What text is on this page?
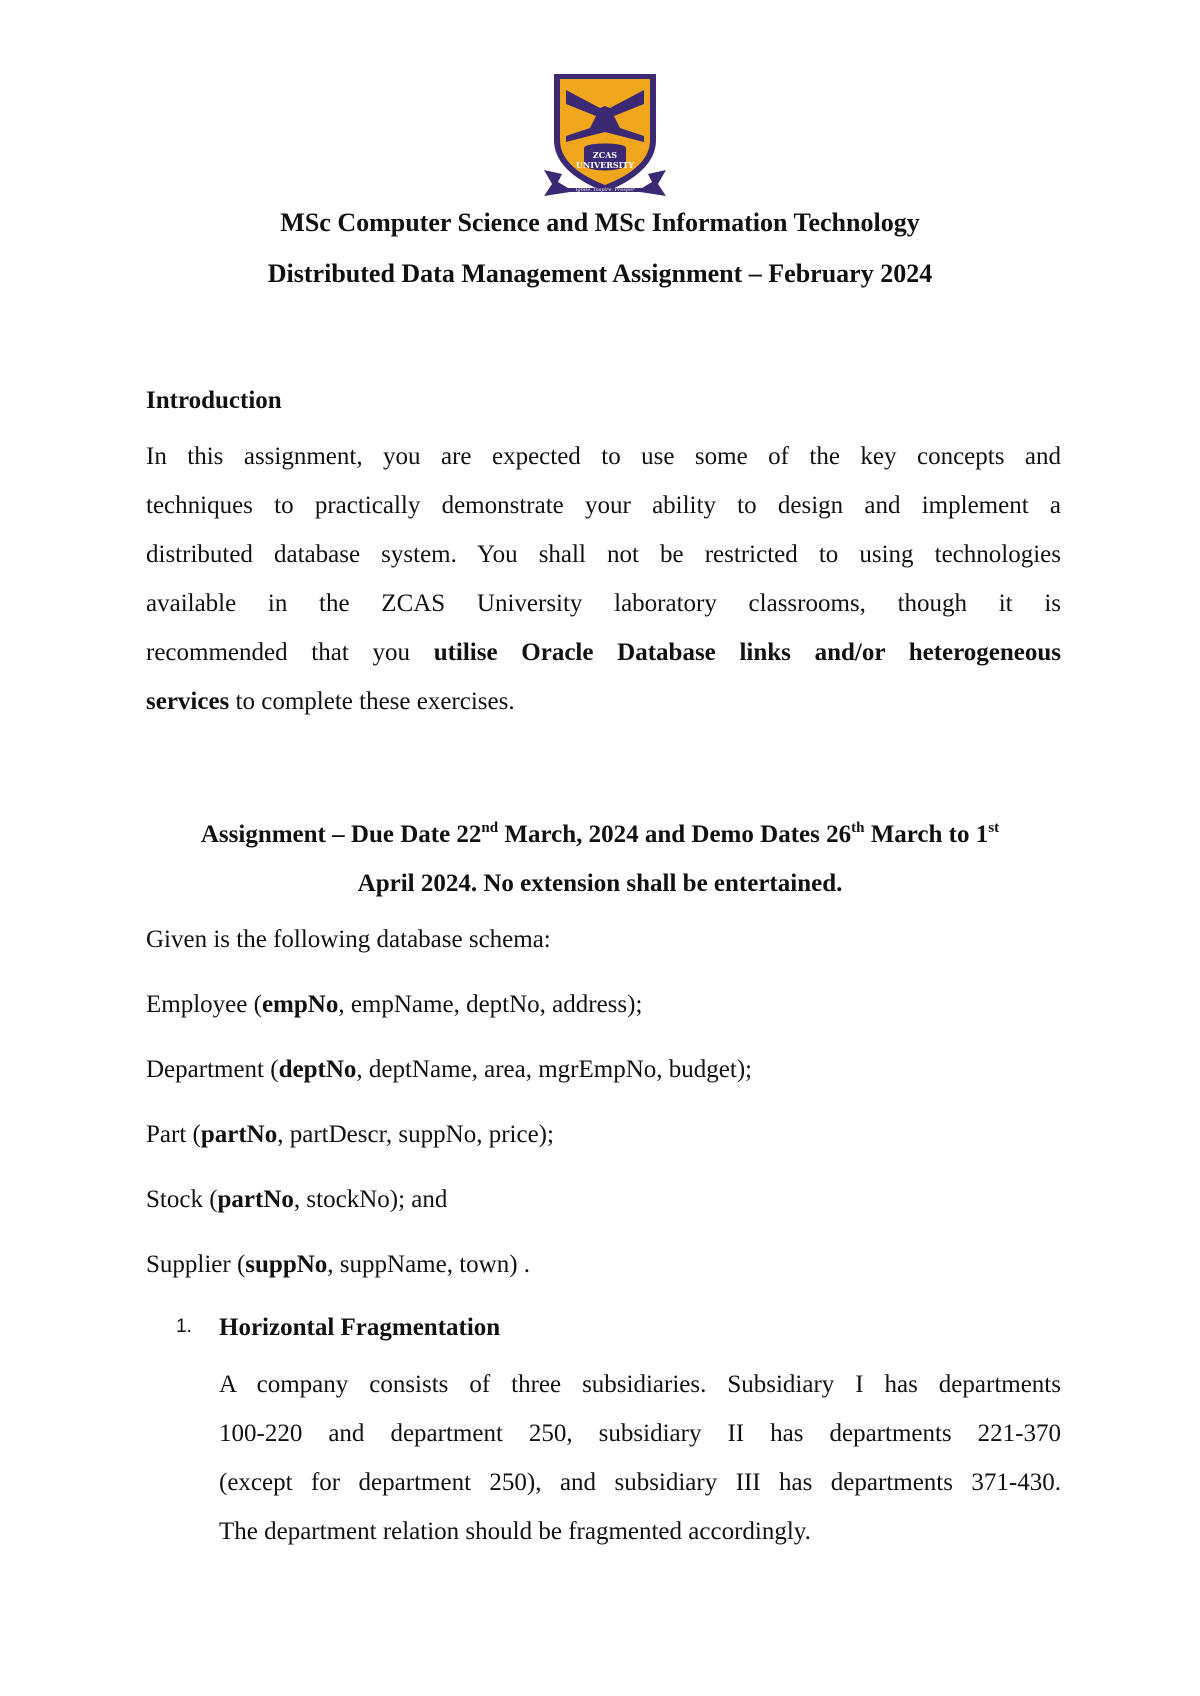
ZCAS
UNIVERSITY
Ignite. Inspire. Prosper
MSc Computer Science and MSc Information Technology
Distributed Data Management Assignment – February 2024
Introduction
In this assignment, you are expected to use some of the key concepts and
techniques to practically demonstrate your ability to design and implement a
distributed database system. You shall not be restricted to using technologies
available in the ZCAS University laboratory classrooms, though it is
recommended that you utilise Oracle Database links and/or heterogeneous
services to complete these exercises.
Assignment – Due Date 22nd March, 2024 and Demo Dates 26th March to 1st
April 2024. No extension shall be entertained.
Given is the following database schema:
Employee (empNo, empName, deptNo, address);
Department (deptNo, deptName, area, mgrEmpNo, budget);
Part (partNo, partDescr, suppNo, price);
Stock (partNo, stockNo); and
Supplier (suppNo, suppName, town) .
1. Horizontal Fragmentation
A company consists of three subsidiaries. Subsidiary I has departments
100-220 and department 250, subsidiary II has departments 221-370
(except for department 250), and subsidiary III has departments 371-430.
The department relation should be fragmented accordingly.
